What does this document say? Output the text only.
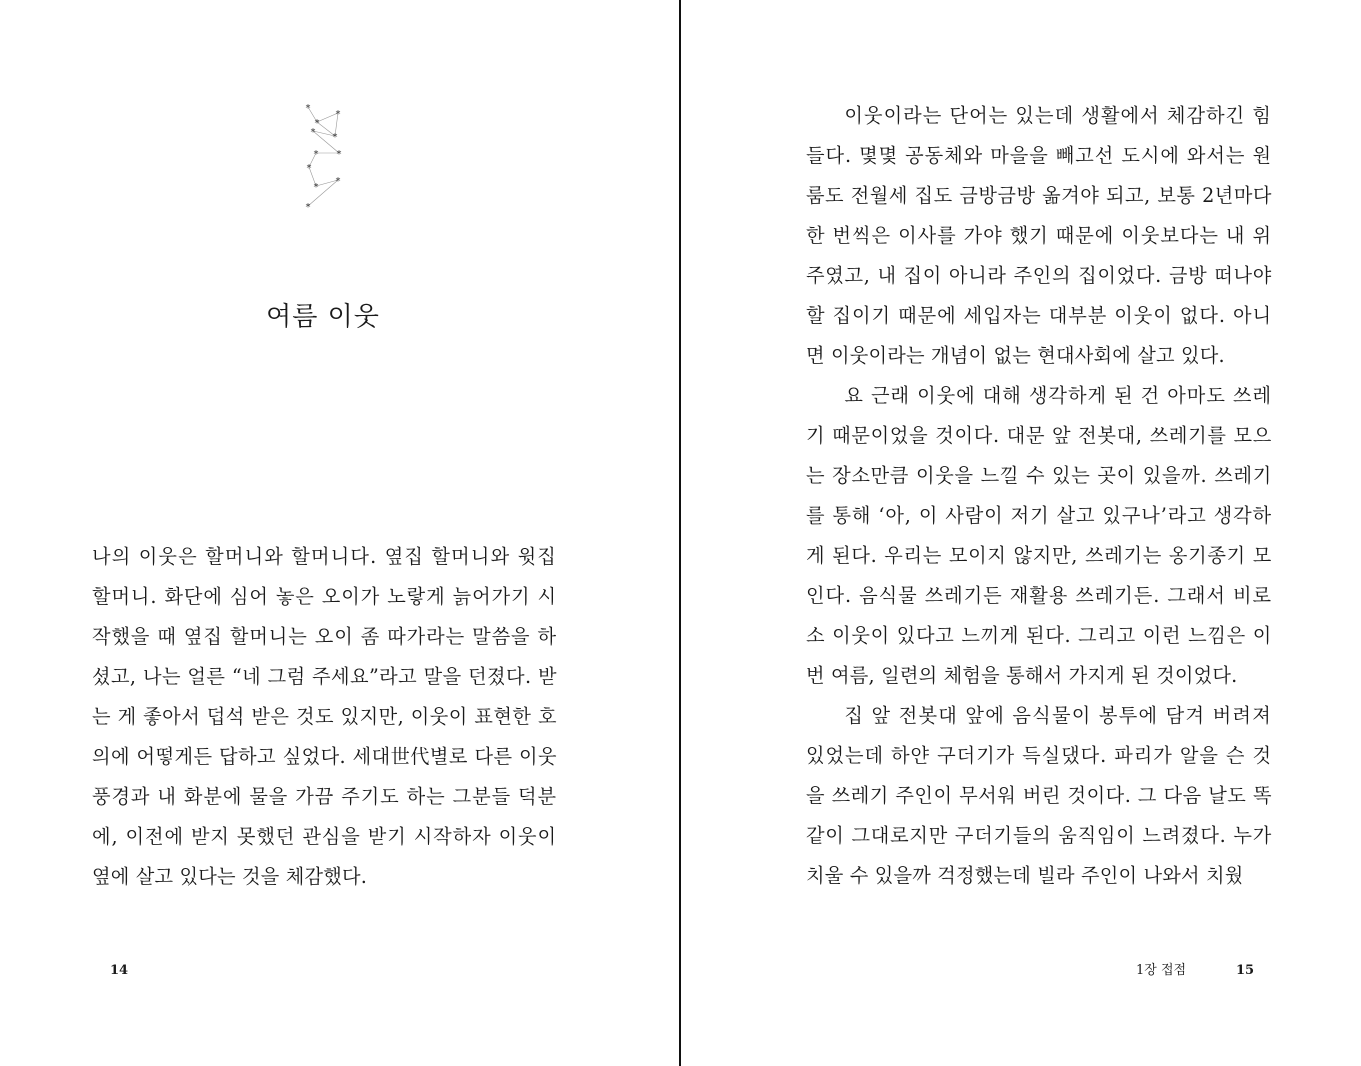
*
*
*
*
*
* *
*
*
*
*
여름 이웃
나의 이웃은 할머니와 할머니다. 옆집 할머니와 윗집
할머니. 화단에 심어 놓은 오이가 노랗게 늙어가기 시
작했을 때 옆집 할머니는 오이 좀 따가라는 말씀을 하
셨고, 나는 얼른 “네 그럼 주세요”라고 말을 던졌다. 받
는 게 좋아서 덥석 받은 것도 있지만, 이웃이 표현한 호
의에 어떻게든 답하고 싶었다. 세대世代별로 다른 이웃
풍경과 내 화분에 물을 가끔 주기도 하는 그분들 덕분
에, 이전에 받지 못했던 관심을 받기 시작하자 이웃이
옆에 살고 있다는 것을 체감했다.
14
이웃이라는 단어는 있는데 생활에서 체감하긴 힘
들다. 몇몇 공동체와 마을을 빼고선 도시에 와서는 원
룸도 전월세 집도 금방금방 옮겨야 되고, 보통 2년마다
한 번씩은 이사를 가야 했기 때문에 이웃보다는 내 위
주였고, 내 집이 아니라 주인의 집이었다. 금방 떠나야
할 집이기 때문에 세입자는 대부분 이웃이 없다. 아니
면 이웃이라는 개념이 없는 현대사회에 살고 있다.
요 근래 이웃에 대해 생각하게 된 건 아마도 쓰레
기 때문이었을 것이다. 대문 앞 전봇대, 쓰레기를 모으
는 장소만큼 이웃을 느낄 수 있는 곳이 있을까. 쓰레기
를 통해 ‘아, 이 사람이 저기 살고 있구나’라고 생각하
게 된다. 우리는 모이지 않지만, 쓰레기는 옹기종기 모
인다. 음식물 쓰레기든 재활용 쓰레기든. 그래서 비로
소 이웃이 있다고 느끼게 된다. 그리고 이런 느낌은 이
번 여름, 일련의 체험을 통해서 가지게 된 것이었다.
집 앞 전봇대 앞에 음식물이 봉투에 담겨 버려져
있었는데 하얀 구더기가 득실댔다. 파리가 알을 슨 것
을 쓰레기 주인이 무서워 버린 것이다. 그 다음 날도 똑
같이 그대로지만 구더기들의 움직임이 느려졌다. 누가
치울 수 있을까 걱정했는데 빌라 주인이 나와서 치웠
1장 접점	15
